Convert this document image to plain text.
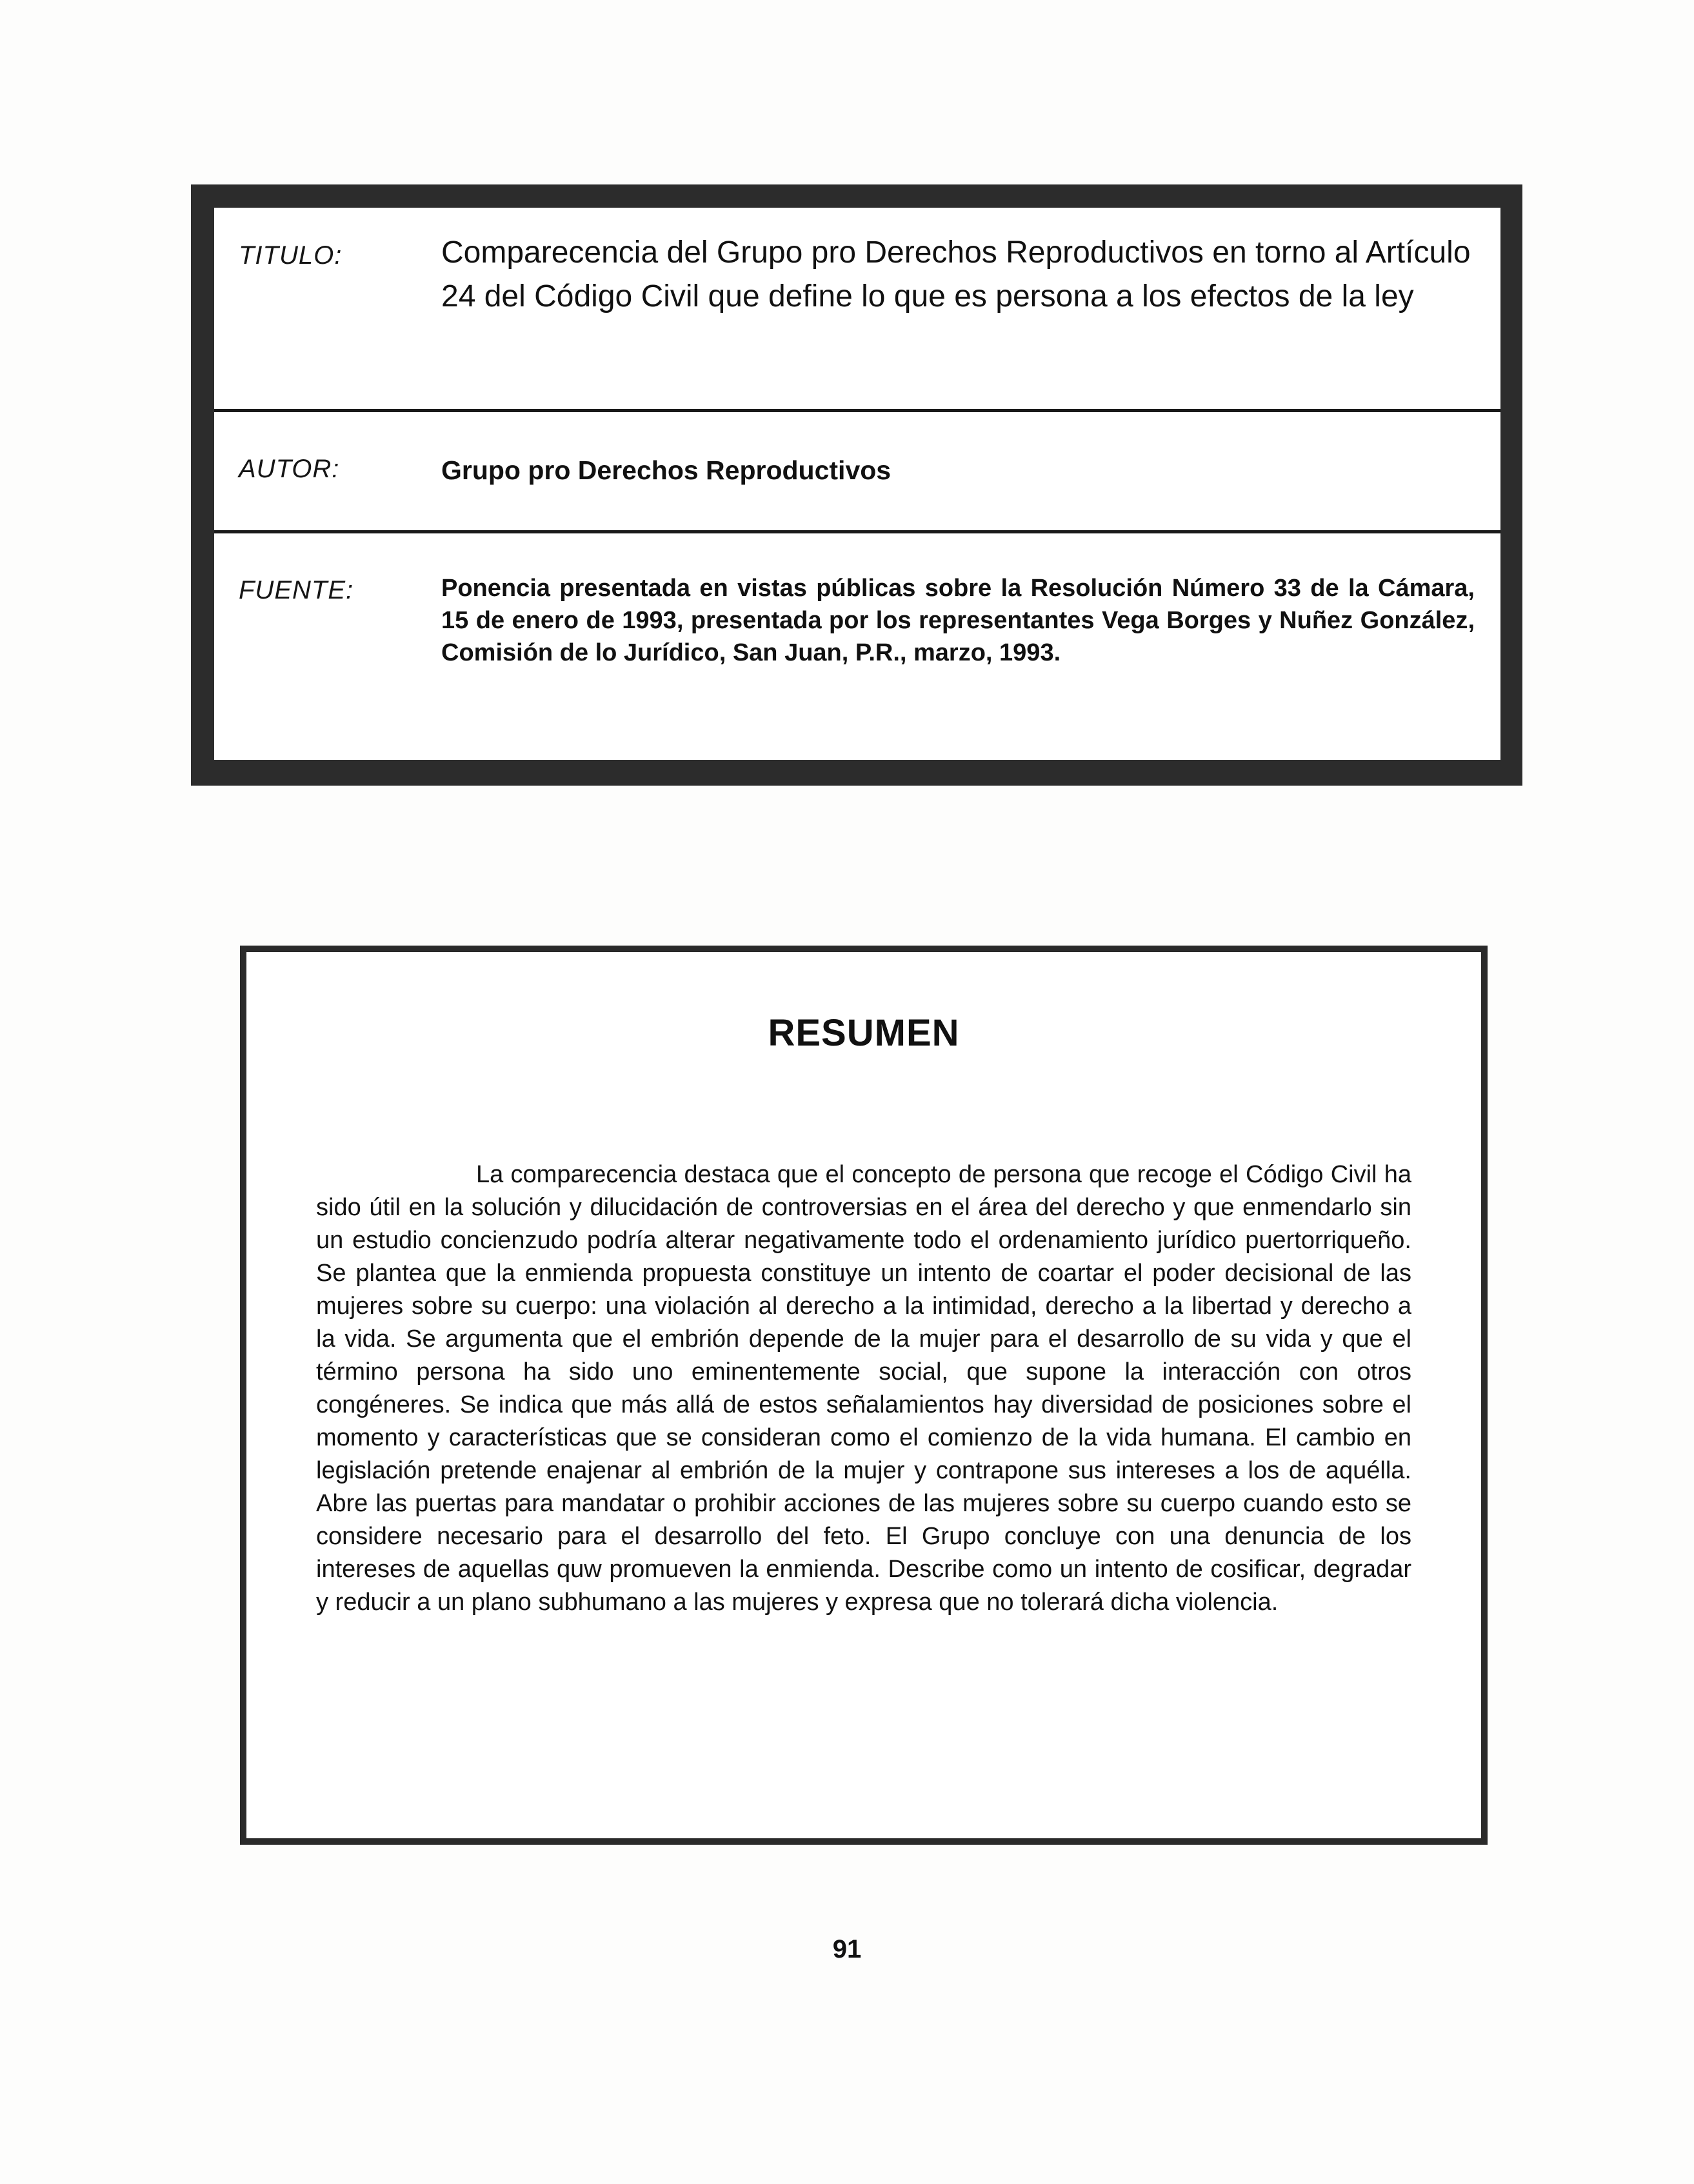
TITULO:	Comparecencia del Grupo pro Derechos Reproductivos en torno al Artículo 24 del Código Civil que define lo que es persona a los efectos de la ley
AUTOR:	Grupo pro Derechos Reproductivos
FUENTE:	Ponencia presentada en vistas públicas sobre la Resolución Número 33 de la Cámara, 15 de enero de 1993, presentada por los representantes Vega Borges y Nuñez González, Comisión de lo Jurídico, San Juan, P.R., marzo, 1993.
RESUMEN
La comparecencia destaca que el concepto de persona que recoge el Código Civil ha sido útil en la solución y dilucidación de controversias en el área del derecho y que enmendarlo sin un estudio concienzudo podría alterar negativamente todo el ordenamiento jurídico puertorriqueño. Se plantea que la enmienda propuesta constituye un intento de coartar el poder decisional de las mujeres sobre su cuerpo: una violación al derecho a la intimidad, derecho a la libertad y derecho a la vida. Se argumenta que el embrión depende de la mujer para el desarrollo de su vida y que el término persona ha sido uno eminentemente social, que supone la interacción con otros congéneres. Se indica que más allá de estos señalamientos hay diversidad de posiciones sobre el momento y características que se consideran como el comienzo de la vida humana. El cambio en legislación pretende enajenar al embrión de la mujer y contrapone sus intereses a los de aquélla. Abre las puertas para mandatar o prohibir acciones de las mujeres sobre su cuerpo cuando esto se considere necesario para el desarrollo del feto. El Grupo concluye con una denuncia de los intereses de aquellas quw promueven la enmienda. Describe como un intento de cosificar, degradar y reducir a un plano subhumano a las mujeres y expresa que no tolerará dicha violencia.
91
